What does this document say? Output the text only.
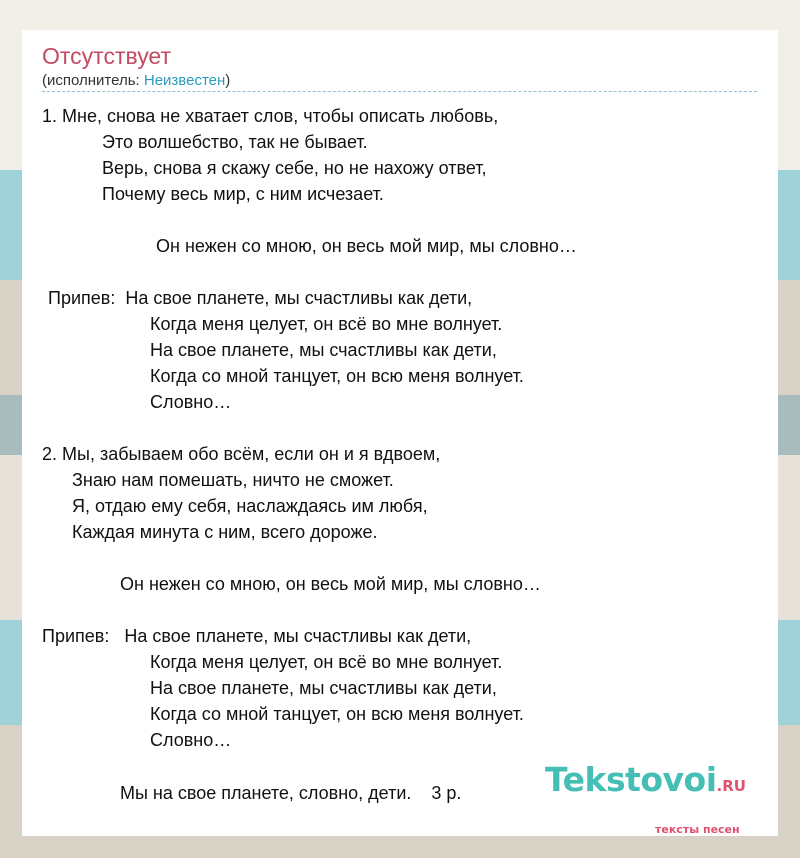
Отсутствует
(исполнитель: Неизвестен)
1. Мне, снова не хватает слов, чтобы описать любовь,
Это волшебство, так не бывает.
Верь, снова я скажу себе, но не нахожу ответ,
Почему весь мир, с ним исчезает.
Он нежен со мною, он весь мой мир, мы словно…
Припев:  На свое планете, мы счастливы как дети,
Когда меня целует, он всё во мне волнует.
На свое планете, мы счастливы как дети,
Когда со мной танцует, он всю меня волнует.
Словно…
2. Мы, забываем обо всём, если он и я вдвоем,
Знаю нам помешать, ничто не сможет.
Я, отдаю ему себя, наслаждаясь им любя,
Каждая минута с ним, всего дороже.
Он нежен со мною, он весь мой мир, мы словно…
Припев:   На свое планете, мы счастливы как дети,
Когда меня целует, он всё во мне волнует.
На свое планете, мы счастливы как дети,
Когда со мной танцует, он всю меня волнует.
Словно…
Мы на свое планете, словно, дети.    3 р.	Tekstovoi.RU
тексты песен
